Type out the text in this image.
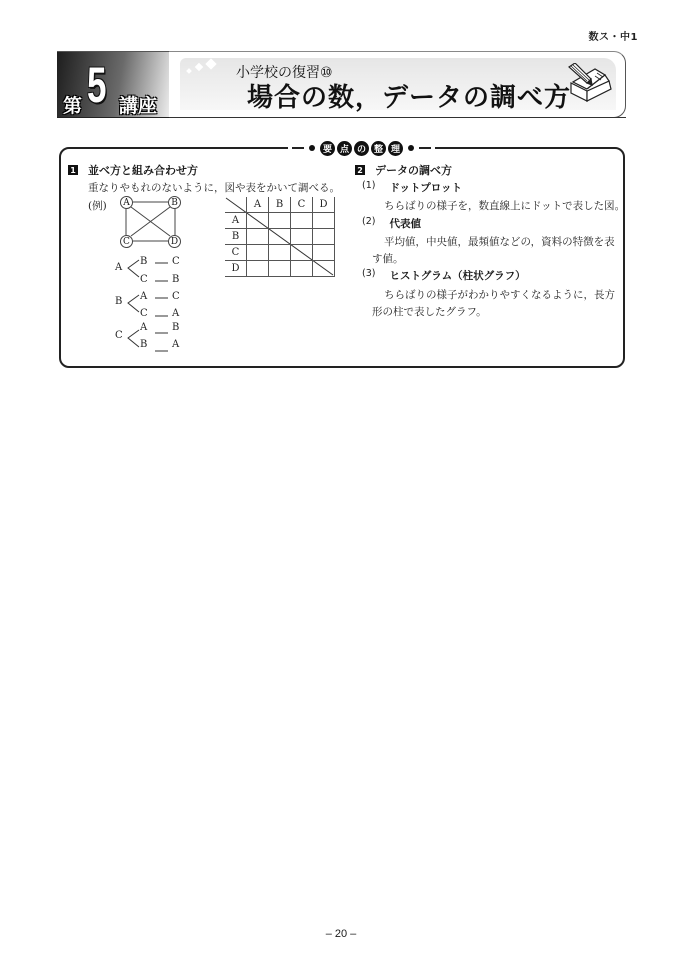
数ス・中1
第 5 講座
小学校の復習⑩
場合の数，データの調べ方
要 点 の 整 理
1 並べ方と組み合わせ方
重なりやもれのないように，図や表をかいて調べる。
(例)	A	B
C	D
A
B C
C B
B A C
C A
C
A B
B A
	A	B	C	D
A				
B				
C				
D				
2 データの調べ方
(1) ドットプロット
ちらばりの様子を，数直線上にドットで表した図。
(2) 代表値
平均値，中央値，最頻値などの，資料の特徴を表
す値。
(3) ヒストグラム（柱状グラフ）
ちらばりの様子がわかりやすくなるように，長方
形の柱で表したグラフ。
– 20 –
